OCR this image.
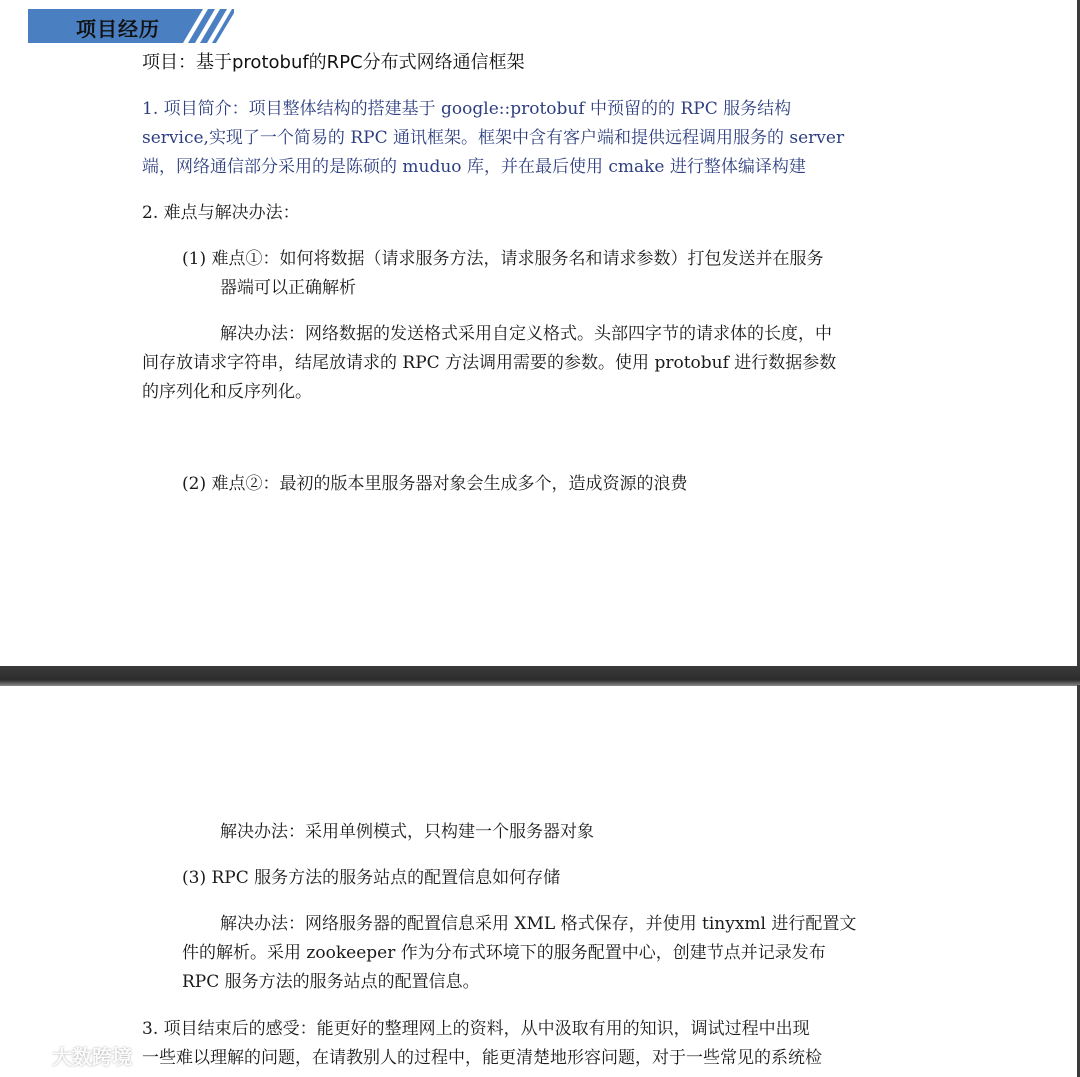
项目经历
项目：基于protobuf的RPC分布式网络通信框架
1. 项目简介：项目整体结构的搭建基于 google::protobuf 中预留的的 RPC 服务结构
service,实现了一个简易的 RPC 通讯框架。框架中含有客户端和提供远程调用服务的 server
端，网络通信部分采用的是陈硕的 muduo 库，并在最后使用 cmake 进行整体编译构建
2. 难点与解决办法：
(1) 难点①：如何将数据（请求服务方法，请求服务名和请求参数）打包发送并在服务
器端可以正确解析
解决办法：网络数据的发送格式采用自定义格式。头部四字节的请求体的长度，中
间存放请求字符串，结尾放请求的 RPC 方法调用需要的参数。使用 protobuf 进行数据参数
的序列化和反序列化。
(2) 难点②：最初的版本里服务器对象会生成多个，造成资源的浪费
解决办法：采用单例模式，只构建一个服务器对象
(3) RPC 服务方法的服务站点的配置信息如何存储
解决办法：网络服务器的配置信息采用 XML 格式保存，并使用 tinyxml 进行配置文
件的解析。采用 zookeeper 作为分布式环境下的服务配置中心，创建节点并记录发布
RPC 服务方法的服务站点的配置信息。
3. 项目结束后的感受：能更好的整理网上的资料，从中汲取有用的知识，调试过程中出现
一些难以理解的问题，在请教别人的过程中，能更清楚地形容问题，对于一些常见的系统检
大数跨境
